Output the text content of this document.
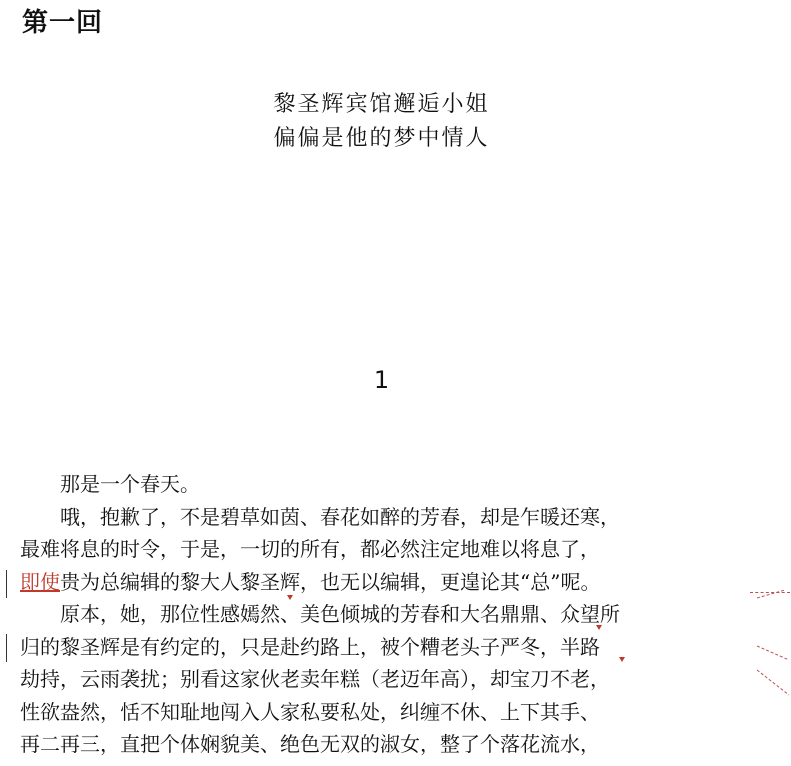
第一回
黎圣辉宾馆邂逅小姐
偏偏是他的梦中情人
1

那是一个春天。

哦，抱歉了，不是碧草如茵、春花如醉的芳春，却是乍暖还寒，

最难将息的时令，于是，一切的所有，都必然注定地难以将息了，

即使贵为总编辑的黎大人黎圣辉，也无以编辑，更遑论其“总”呢。

原本，她，那位性感嫣然、美色倾城的芳春和大名鼎鼎、众望所

归的黎圣辉是有约定的，只是赴约路上，被个糟老头子严冬，半路

劫持，云雨袭扰；别看这家伙老卖年糕（老迈年高），却宝刀不老，

性欲盎然，恬不知耻地闯入人家私要私处，纠缠不休、上下其手、

再二再三，直把个体娴貌美、绝色无双的淑女，整了个落花流水，
